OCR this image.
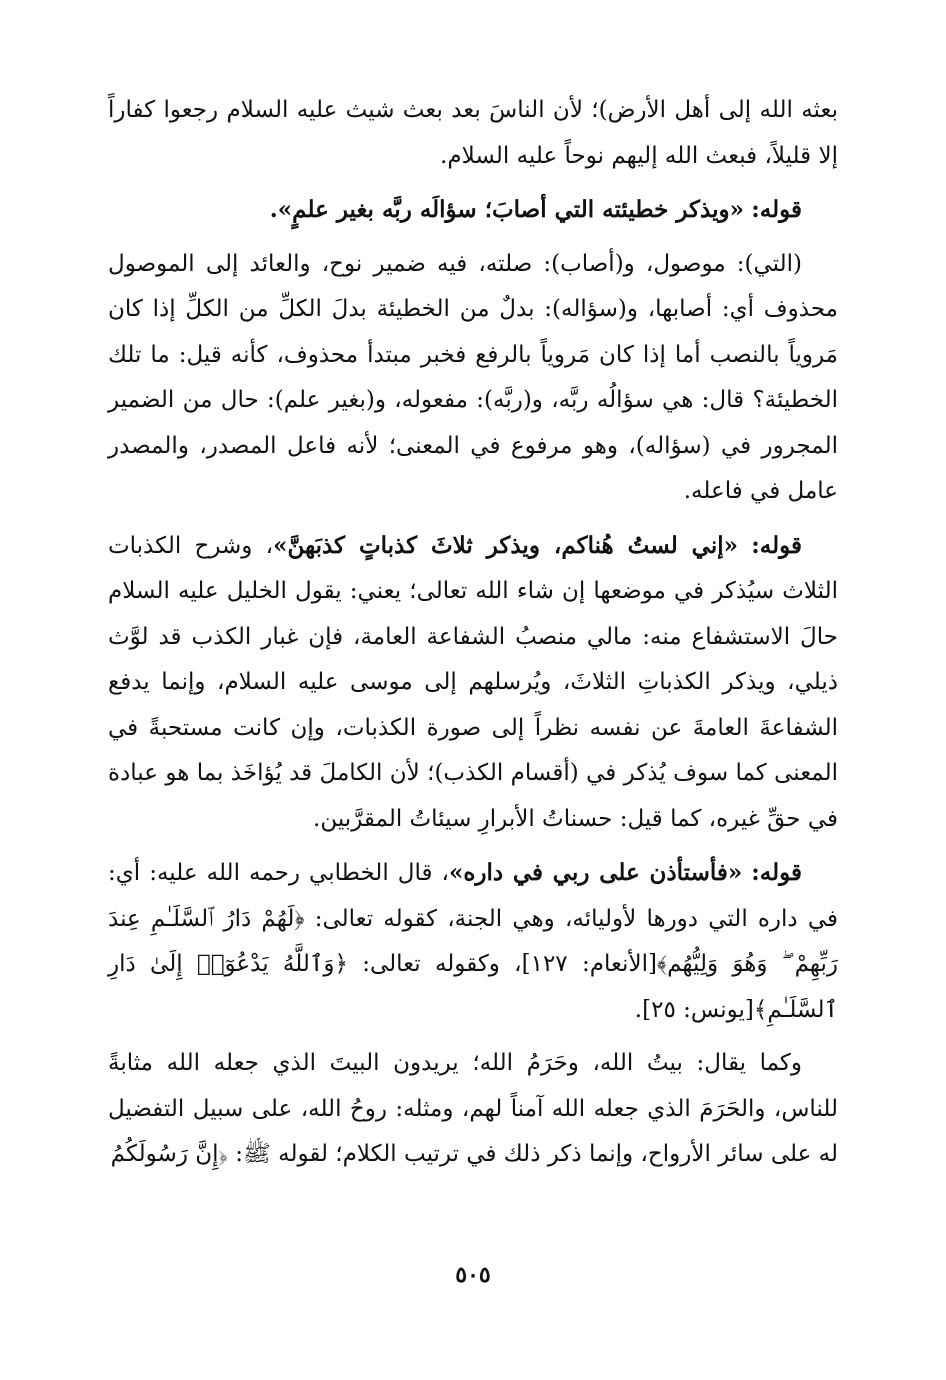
بعثه الله إلى أهل الأرض)؛ لأن الناسَ بعد بعث شيث عليه السلام رجعوا كفاراً إلا قليلاً، فبعث الله إليهم نوحاً عليه السلام.

قوله: «ويذكر خطيئته التي أصابَ؛ سؤالَه ربَّه بغير علمٍ».

(التي): موصول، و(أصاب): صلته، فيه ضمير نوح، والعائد إلى الموصول محذوف أي: أصابها، و(سؤاله): بدلٌ من الخطيئة بدلَ الكلِّ من الكلِّ إذا كان مَروياً بالنصب أما إذا كان مَروياً بالرفع فخبر مبتدأ محذوف، كأنه قيل: ما تلك الخطيئة؟ قال: هي سؤالُه ربَّه، و(ربَّه): مفعوله، و(بغير علم): حال من الضمير المجرور في (سؤاله)، وهو مرفوع في المعنى؛ لأنه فاعل المصدر، والمصدر عامل في فاعله.

قوله: «إني لستُ هُناكم، ويذكر ثلاثَ كذباتٍ كذبَهنَّ»، وشرح الكذبات الثلاث سيُذكر في موضعها إن شاء الله تعالى؛ يعني: يقول الخليل عليه السلام حالَ الاستشفاع منه: مالي منصبُ الشفاعة العامة، فإن غبار الكذب قد لوَّث ذيلي، ويذكر الكذباتِ الثلاثَ، ويُرسلهم إلى موسى عليه السلام، وإنما يدفع الشفاعةَ العامةَ عن نفسه نظراً إلى صورة الكذبات، وإن كانت مستحبةً في المعنى كما سوف يُذكر في (أقسام الكذب)؛ لأن الكاملَ قد يُؤاخَذ بما هو عبادة في حقِّ غيره، كما قيل: حسناتُ الأبرارِ سيئاتُ المقرَّبين.

قوله: «فأستأذن على ربي في داره»، قال الخطابي رحمه الله عليه: أي: في داره التي دورها لأوليائه، وهي الجنة، كقوله تعالى: ﴿لَهُمْ دَارُ ٱلسَّلَـٰمِ عِندَ رَبِّهِمْ ۖ وَهُوَ وَلِيُّهُم﴾[الأنعام: ١٢٧]، وكقوله تعالى: ﴿وَٱللَّهُ يَدْعُوٓا۟ إِلَىٰ دَارِ ٱلسَّلَـٰمِ﴾[يونس: ٢٥].

وكما يقال: بيتُ الله، وحَرَمُ الله؛ يريدون البيتَ الذي جعله الله مثابةً للناس، والحَرَمَ الذي جعله الله آمناً لهم، ومثله: روحُ الله، على سبيل التفضيل له على سائر الأرواح، وإنما ذكر ذلك في ترتيب الكلام؛ لقوله ﷺ: ﴿إِنَّ رَسُولَكُمُ

٥٠٥
